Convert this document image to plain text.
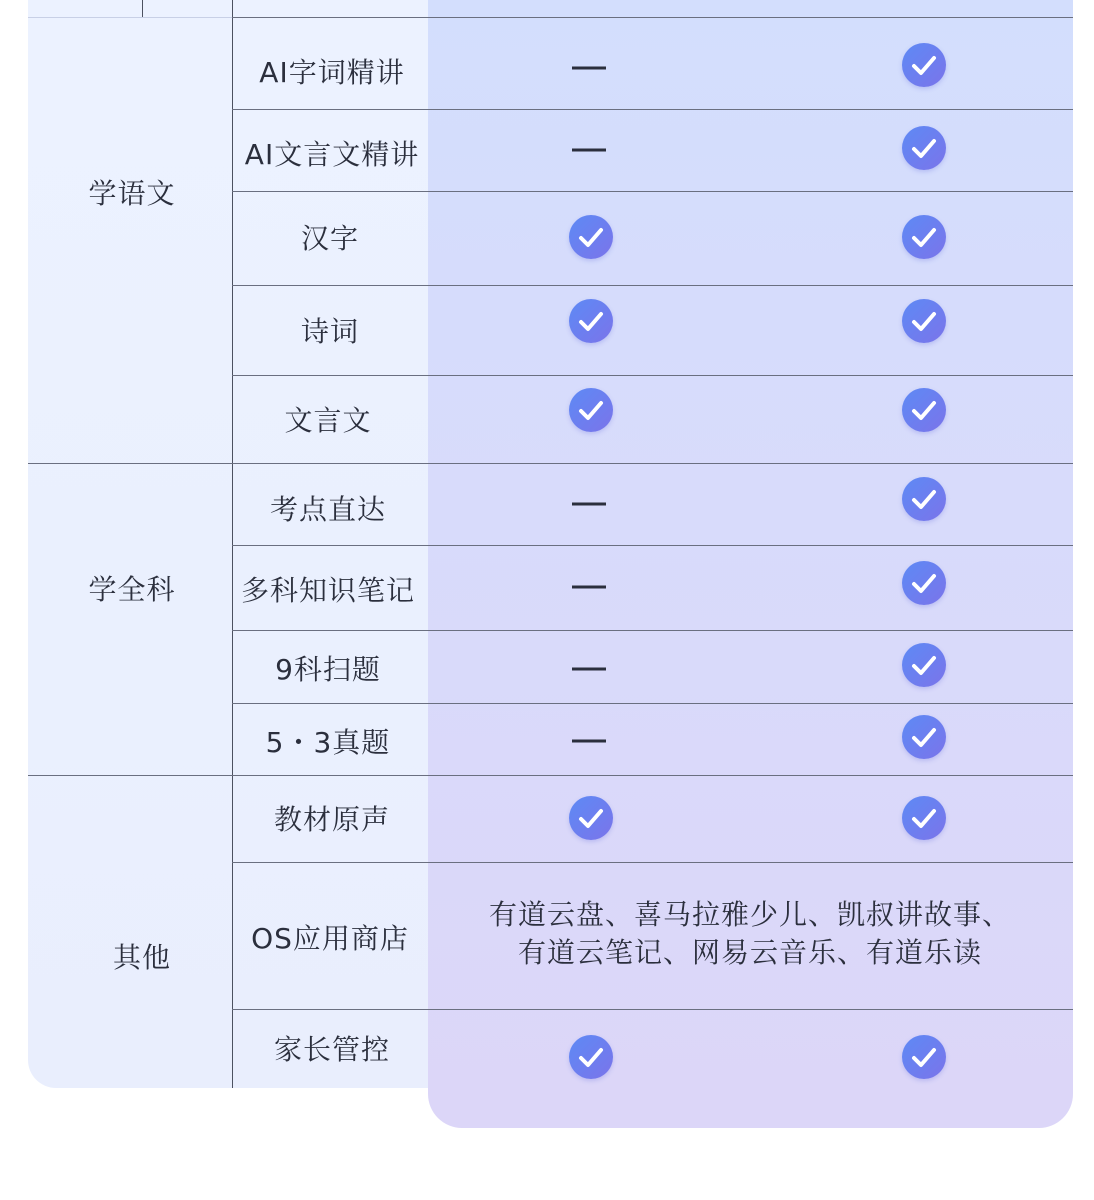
学语文
学全科
其他
AI字词精讲
AI文言文精讲
汉字
诗词
文言文
考点直达
多科知识笔记
9科扫题
5・3真题
教材原声
OS应用商店
家长管控
有道云盘、喜马拉雅少儿、凯叔讲故事、
有道云笔记、网易云音乐、有道乐读
